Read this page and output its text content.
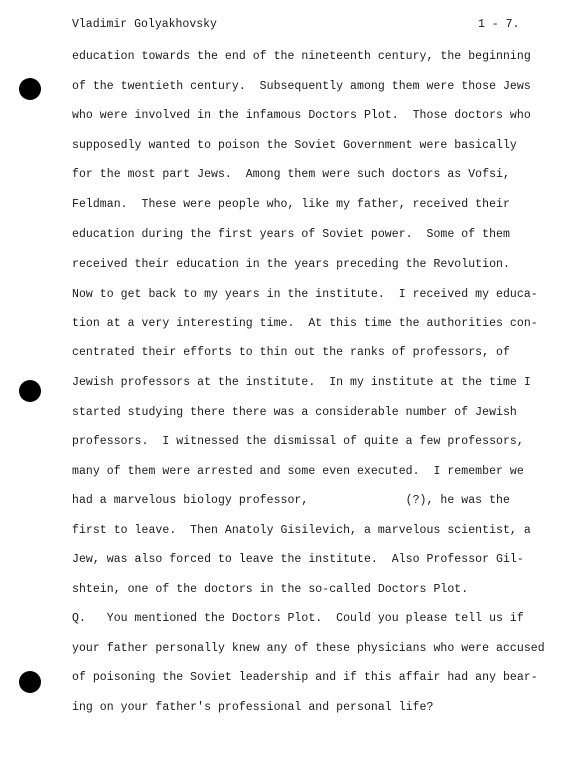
Vladimir Golyakhovsky	1 - 7.
education towards the end of the nineteenth century, the beginning
of the twentieth century.  Subsequently among them were those Jews
who were involved in the infamous Doctors Plot.  Those doctors who
supposedly wanted to poison the Soviet Government were basically
for the most part Jews.  Among them were such doctors as Vofsi,
Feldman.  These were people who, like my father, received their
education during the first years of Soviet power.  Some of them
received their education in the years preceding the Revolution.
Now to get back to my years in the institute.  I received my educa-
tion at a very interesting time.  At this time the authorities con-
centrated their efforts to thin out the ranks of professors, of
Jewish professors at the institute.  In my institute at the time I
started studying there there was a considerable number of Jewish
professors.  I witnessed the dismissal of quite a few professors,
many of them were arrested and some even executed.  I remember we
had a marvelous biology professor,              (?), he was the
first to leave.  Then Anatoly Gisilevich, a marvelous scientist, a
Jew, was also forced to leave the institute.  Also Professor Gil-
shtein, one of the doctors in the so-called Doctors Plot.
Q.   You mentioned the Doctors Plot.  Could you please tell us if
your father personally knew any of these physicians who were accused
of poisoning the Soviet leadership and if this affair had any bear-
ing on your father's professional and personal life?
